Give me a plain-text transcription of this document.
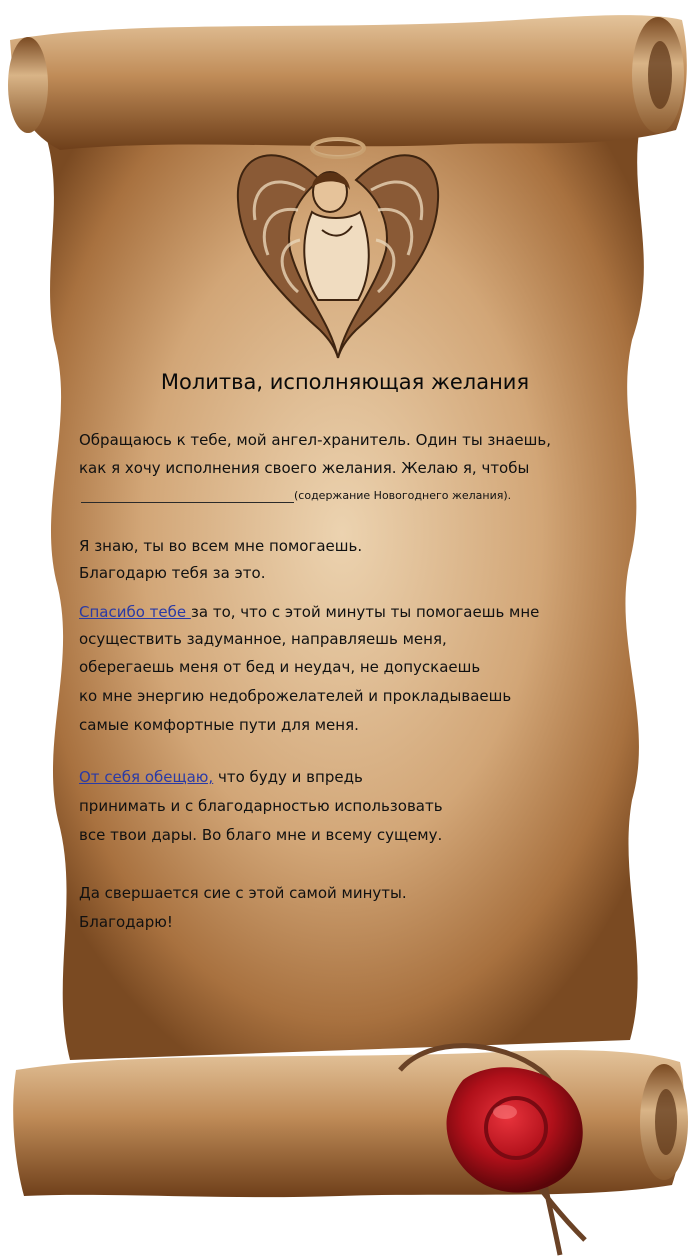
Молитва, исполняющая желания
Обращаюсь к тебе, мой ангел-хранитель. Один ты знаешь,
как я хочу исполнения своего желания. Желаю я, чтобы
(содержание Новогоднего желания).
Я знаю, ты во всем мне помогаешь.
Благодарю тебя за это.
Спасибо тебе за то, что с этой минуты ты помогаешь мне
осуществить задуманное, направляешь меня,
оберегаешь меня от бед и неудач, не допускаешь
ко мне энергию недоброжелателей и прокладываешь
самые комфортные пути для меня.
От себя обещаю, что буду и впредь
принимать и с благодарностью использовать
все твои дары. Во благо мне и всему сущему.
Да свершается сие с этой самой минуты.
Благодарю!
